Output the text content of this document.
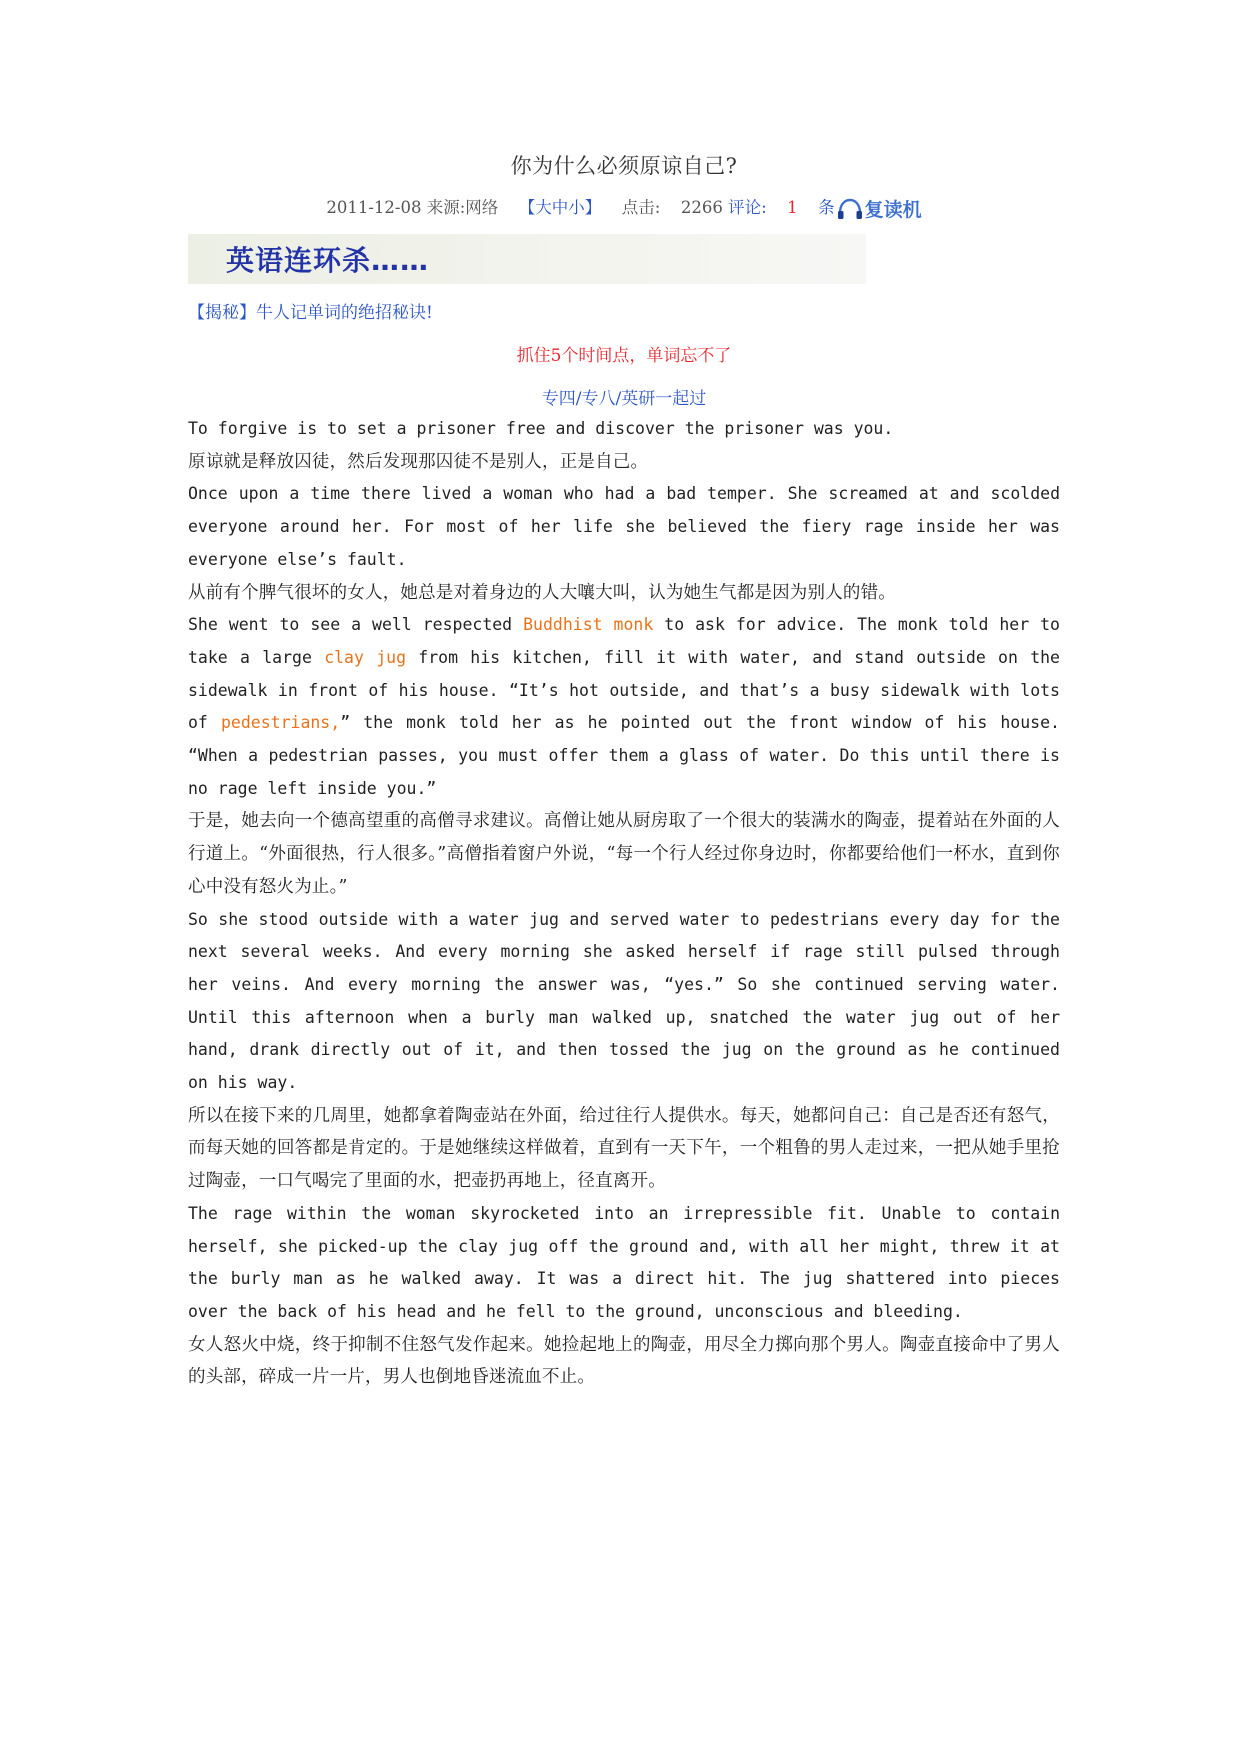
你为什么必须原谅自己?
2011-12-08 来源:网络 【大中小】 点击: 2266 评论: 1 条 复读机
英语连环杀……
【揭秘】牛人记单词的绝招秘诀!
抓住5个时间点，单词忘不了
专四/专八/英研一起过

To forgive is to set a prisoner free and discover the prisoner was you.

原谅就是释放囚徒，然后发现那囚徒不是别人，正是自己。

Once upon a time there lived a woman who had a bad temper. She screamed at and scolded everyone around her. For most of her life she believed the fiery rage inside her was everyone else’s fault.

从前有个脾气很坏的女人，她总是对着身边的人大嚷大叫，认为她生气都是因为别人的错。

She went to see a well respected Buddhist monk to ask for advice. The monk told her to take a large clay jug from his kitchen, fill it with water, and stand outside on the sidewalk in front of his house. “It’s hot outside, and that’s a busy sidewalk with lots of pedestrians,” the monk told her as he pointed out the front window of his house. “When a pedestrian passes, you must offer them a glass of water. Do this until there is no rage left inside you.”

于是，她去向一个德高望重的高僧寻求建议。高僧让她从厨房取了一个很大的装满水的陶壶，提着站在外面的人行道上。“外面很热，行人很多。”高僧指着窗户外说，“每一个行人经过你身边时，你都要给他们一杯水，直到你心中没有怒火为止。”

So she stood outside with a water jug and served water to pedestrians every day for the next several weeks. And every morning she asked herself if rage still pulsed through her veins. And every morning the answer was, “yes.” So she continued serving water. Until this afternoon when a burly man walked up, snatched the water jug out of her hand, drank directly out of it, and then tossed the jug on the ground as he continued on his way.

所以在接下来的几周里，她都拿着陶壶站在外面，给过往行人提供水。每天，她都问自己：自己是否还有怒气，而每天她的回答都是肯定的。于是她继续这样做着，直到有一天下午，一个粗鲁的男人走过来，一把从她手里抢过陶壶，一口气喝完了里面的水，把壶扔再地上，径直离开。

The rage within the woman skyrocketed into an irrepressible fit. Unable to contain herself, she picked-up the clay jug off the ground and, with all her might, threw it at the burly man as he walked away. It was a direct hit. The jug shattered into pieces over the back of his head and he fell to the ground, unconscious and bleeding.

女人怒火中烧，终于抑制不住怒气发作起来。她捡起地上的陶壶，用尽全力掷向那个男人。陶壶直接命中了男人的头部，碎成一片一片，男人也倒地昏迷流血不止。
